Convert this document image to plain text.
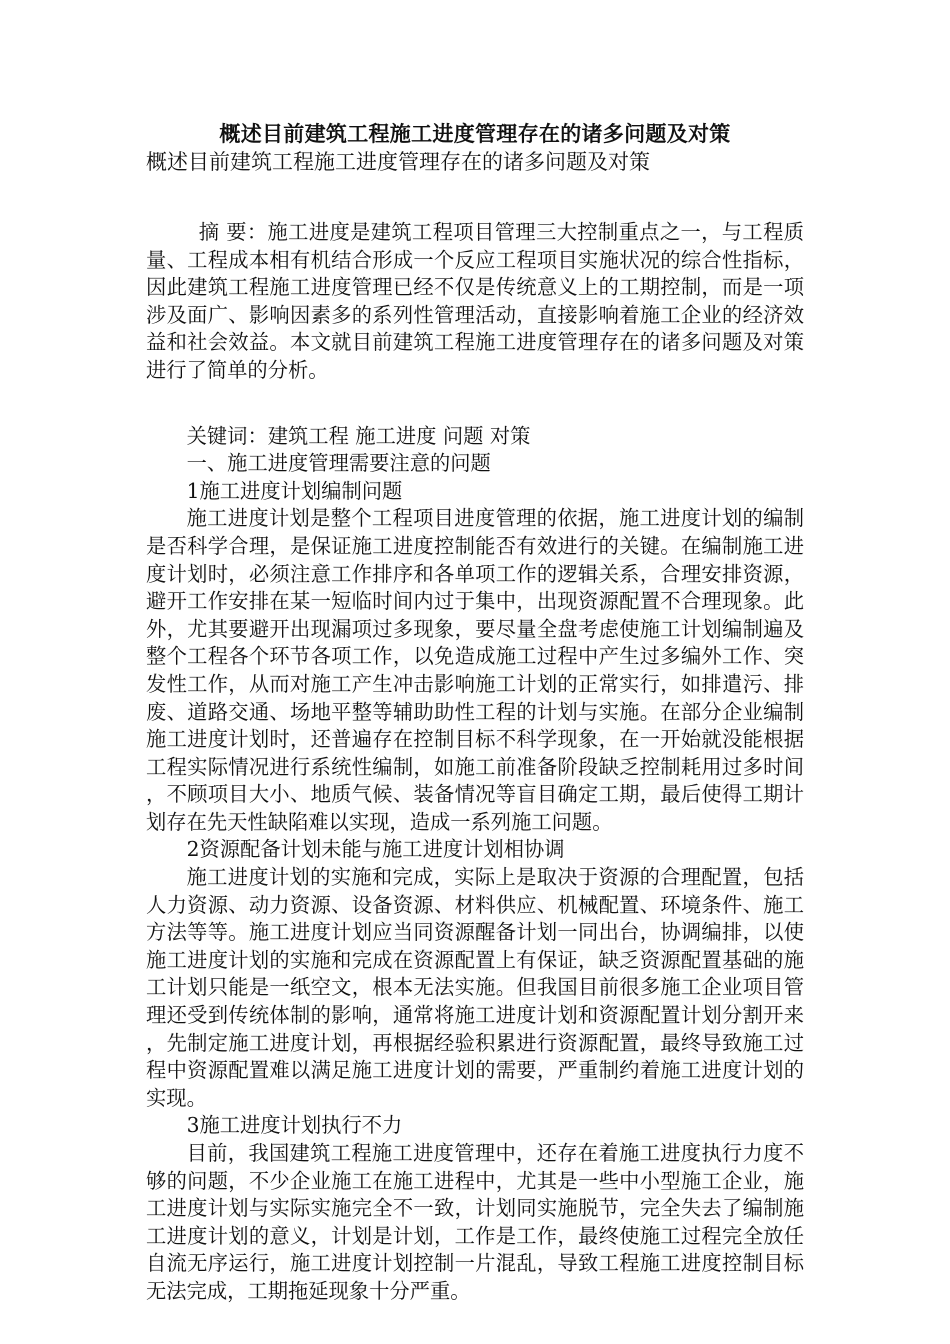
概述目前建筑工程施工进度管理存在的诸多问题及对策

概述目前建筑工程施工进度管理存在的诸多问题及对策

摘 要：施工进度是建筑工程项目管理三大控制重点之一，与工程质量、工程成本相有机结合形成一个反应工程项目实施状况的综合性指标，因此建筑工程施工进度管理已经不仅是传统意义上的工期控制，而是一项涉及面广、影响因素多的系列性管理活动，直接影响着施工企业的经济效益和社会效益。本文就目前建筑工程施工进度管理存在的诸多问题及对策进行了简单的分析。

关键词：建筑工程 施工进度 问题 对策

一、施工进度管理需要注意的问题

1施工进度计划编制问题

施工进度计划是整个工程项目进度管理的依据，施工进度计划的编制是否科学合理，是保证施工进度控制能否有效进行的关键。在编制施工进度计划时，必须注意工作排序和各单项工作的逻辑关系，合理安排资源，避开工作安排在某一短临时间内过于集中，出现资源配置不合理现象。此外，尤其要避开出现漏项过多现象，要尽量全盘考虑使施工计划编制遍及整个工程各个环节各项工作，以免造成施工过程中产生过多编外工作、突发性工作，从而对施工产生冲击影响施工计划的正常实行，如排遣污、排废、道路交通、场地平整等辅助助性工程的计划与实施。在部分企业编制施工进度计划时，还普遍存在控制目标不科学现象，在一开始就没能根据工程实际情况进行系统性编制，如施工前准备阶段缺乏控制耗用过多时间，不顾项目大小、地质气候、装备情况等盲目确定工期，最后使得工期计划存在先天性缺陷难以实现，造成一系列施工问题。

2资源配备计划未能与施工进度计划相协调

施工进度计划的实施和完成，实际上是取决于资源的合理配置，包括人力资源、动力资源、设备资源、材料供应、机械配置、环境条件、施工方法等等。施工进度计划应当同资源醒备计划一同出台，协调编排，以使施工进度计划的实施和完成在资源配置上有保证，缺乏资源配置基础的施工计划只能是一纸空文，根本无法实施。但我国目前很多施工企业项目管理还受到传统体制的影响，通常将施工进度计划和资源配置计划分割开来，先制定施工进度计划，再根据经验积累进行资源配置，最终导致施工过程中资源配置难以满足施工进度计划的需要，严重制约着施工进度计划的实现。

3施工进度计划执行不力

目前，我国建筑工程施工进度管理中，还存在着施工进度执行力度不够的问题，不少企业施工在施工进程中，尤其是一些中小型施工企业，施工进度计划与实际实施完全不一致，计划同实施脱节，完全失去了编制施工进度计划的意义，计划是计划，工作是工作，最终使施工过程完全放任自流无序运行，施工进度计划控制一片混乱，导致工程施工进度控制目标无法完成，工期拖延现象十分严重。
